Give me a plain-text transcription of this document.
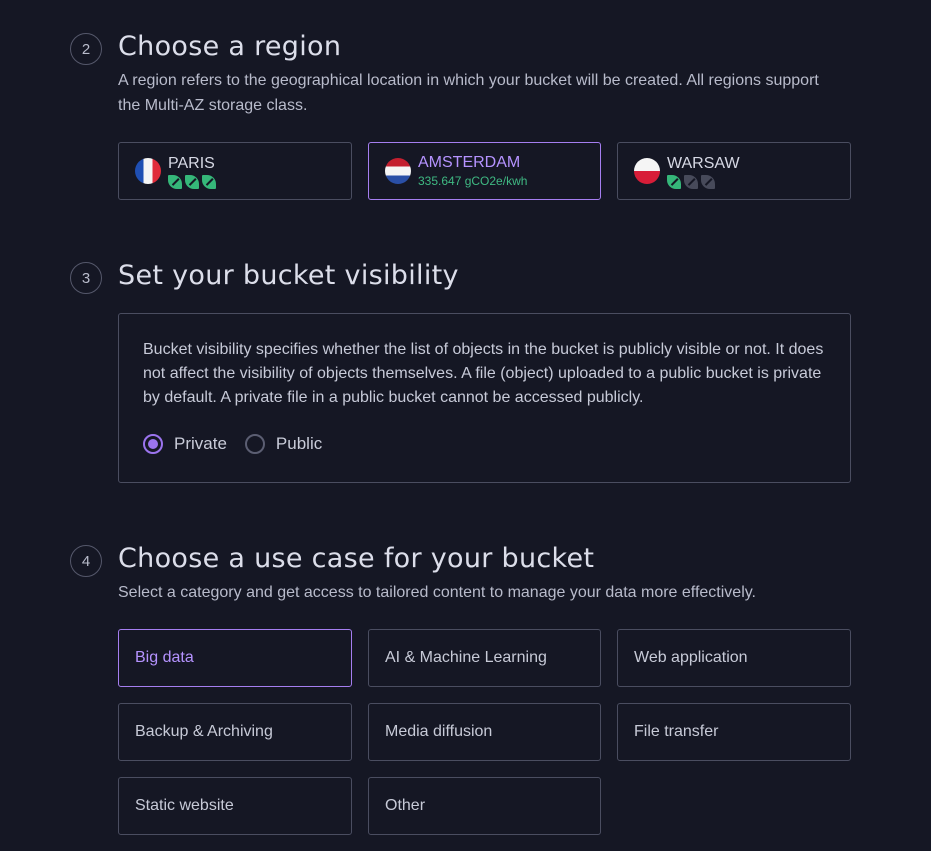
2	Choose a region

A region refers to the geographical location in which your bucket will be created. All regions support the Multi-AZ storage class.

PARIS	AMSTERDAM
335.647 gCO2e/kwh
WARSAW
3	Set your bucket visibility

Bucket visibility specifies whether the list of objects in the bucket is publicly visible or not. It does not affect the visibility of objects themselves. A file (object) uploaded to a public bucket is private by default. A private file in a public bucket cannot be accessed publicly.

Private	Public
4	Choose a use case for your bucket

Select a category and get access to tailored content to manage your data more effectively.

Big data	AI & Machine Learning	Web application
Backup & Archiving	Media diffusion	File transfer
Static website	Other
